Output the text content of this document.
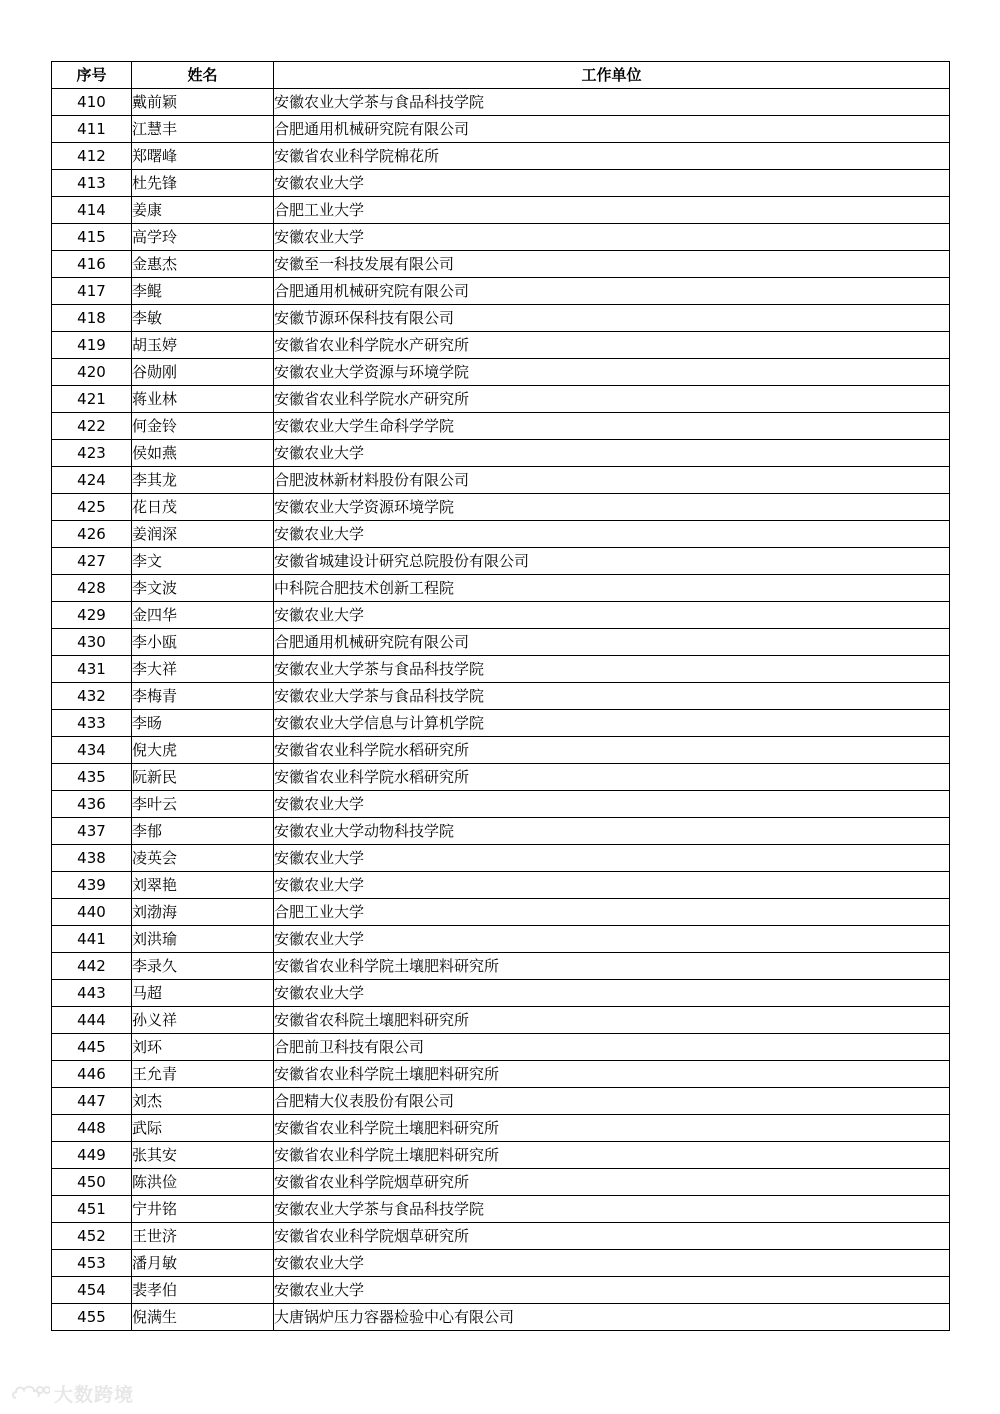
序号	姓名	工作单位
410	戴前颖	安徽农业大学茶与食品科技学院
411	江慧丰	合肥通用机械研究院有限公司
412	郑曙峰	安徽省农业科学院棉花所
413	杜先锋	安徽农业大学
414	姜康	合肥工业大学
415	高学玲	安徽农业大学
416	金惠杰	安徽至一科技发展有限公司
417	李鲲	合肥通用机械研究院有限公司
418	李敏	安徽节源环保科技有限公司
419	胡玉婷	安徽省农业科学院水产研究所
420	谷勋刚	安徽农业大学资源与环境学院
421	蒋业林	安徽省农业科学院水产研究所
422	何金铃	安徽农业大学生命科学学院
423	侯如燕	安徽农业大学
424	李其龙	合肥波林新材料股份有限公司
425	花日茂	安徽农业大学资源环境学院
426	姜润深	安徽农业大学
427	李文	安徽省城建设计研究总院股份有限公司
428	李文波	中科院合肥技术创新工程院
429	金四华	安徽农业大学
430	李小瓯	合肥通用机械研究院有限公司
431	李大祥	安徽农业大学茶与食品科技学院
432	李梅青	安徽农业大学茶与食品科技学院
433	李旸	安徽农业大学信息与计算机学院
434	倪大虎	安徽省农业科学院水稻研究所
435	阮新民	安徽省农业科学院水稻研究所
436	李叶云	安徽农业大学
437	李郁	安徽农业大学动物科技学院
438	凌英会	安徽农业大学
439	刘翠艳	安徽农业大学
440	刘渤海	合肥工业大学
441	刘洪瑜	安徽农业大学
442	李录久	安徽省农业科学院土壤肥料研究所
443	马超	安徽农业大学
444	孙义祥	安徽省农科院土壤肥料研究所
445	刘环	合肥前卫科技有限公司
446	王允青	安徽省农业科学院土壤肥料研究所
447	刘杰	合肥精大仪表股份有限公司
448	武际	安徽省农业科学院土壤肥料研究所
449	张其安	安徽省农业科学院土壤肥料研究所
450	陈洪俭	安徽省农业科学院烟草研究所
451	宁井铭	安徽农业大学茶与食品科技学院
452	王世济	安徽省农业科学院烟草研究所
453	潘月敏	安徽农业大学
454	裴孝伯	安徽农业大学
455	倪满生	大唐锅炉压力容器检验中心有限公司
大数跨境
